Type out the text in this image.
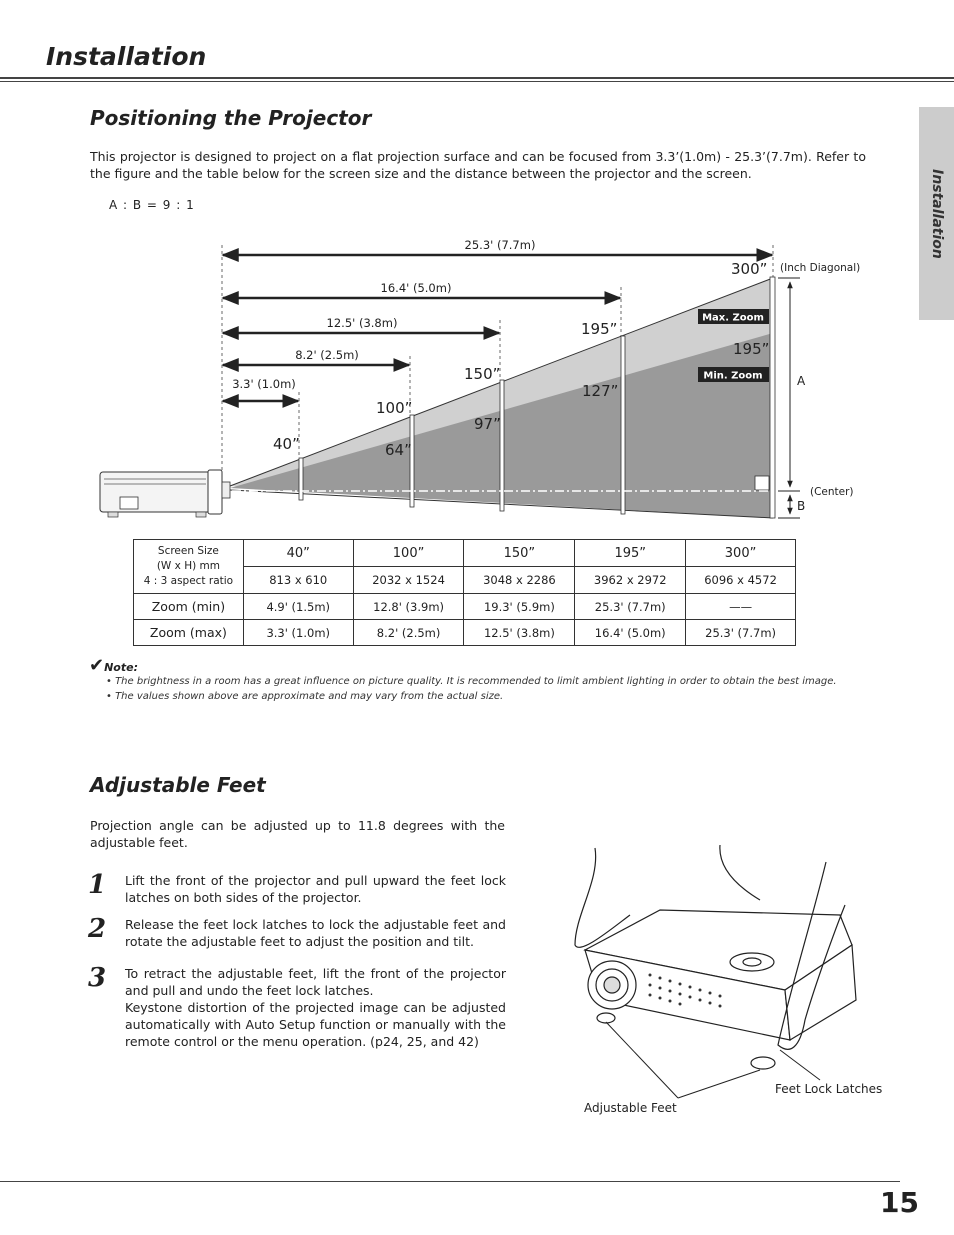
Installation
Installation
Positioning the Projector
This projector is designed to project on a flat projection surface and can be focused from 3.3’(1.0m) - 25.3’(7.7m). Refer to the figure and the table below for the screen size and the distance between the projector and the screen.
A : B = 9 : 1
25.3' (7.7m)
16.4' (5.0m)
12.5' (3.8m)
8.2' (2.5m)
3.3' (1.0m)
300”
195”
150”
100”
40”
195”
127”
97”
64”
Max. Zoom
Min. Zoom
(Inch Diagonal)
A
B
(Center)
Screen Size
(W x H) mm
4 : 3 aspect ratio	40”	100”	150”	195”	300”
	813 x 610	2032 x 1524	3048 x 2286	3962 x 2972	6096 x 4572
Zoom (min)	4.9' (1.5m)	12.8' (3.9m)	19.3' (5.9m)	25.3' (7.7m)	——
Zoom (max)	3.3' (1.0m)	8.2' (2.5m)	12.5' (3.8m)	16.4' (5.0m)	25.3' (7.7m)
✔Note:
• The brightness in a room has a great influence on picture quality. It is recommended to limit ambient lighting in order to obtain the best image.
• The values shown above are approximate and may vary from the actual size.
Adjustable Feet
Projection angle can be adjusted up to 11.8 degrees with the adjustable feet.
1 Lift the front of the projector and pull upward the feet lock latches on both sides of the projector.
2 Release the feet lock latches to lock the adjustable feet and rotate the adjustable feet to adjust the position and tilt.
3 To retract the adjustable feet, lift the front of the projector and pull and undo the feet lock latches.
Keystone distortion of the projected image can be adjusted automatically with Auto Setup function or manually with the remote control or the menu operation. (p24, 25, and 42)
Feet Lock Latches
Adjustable Feet
15
